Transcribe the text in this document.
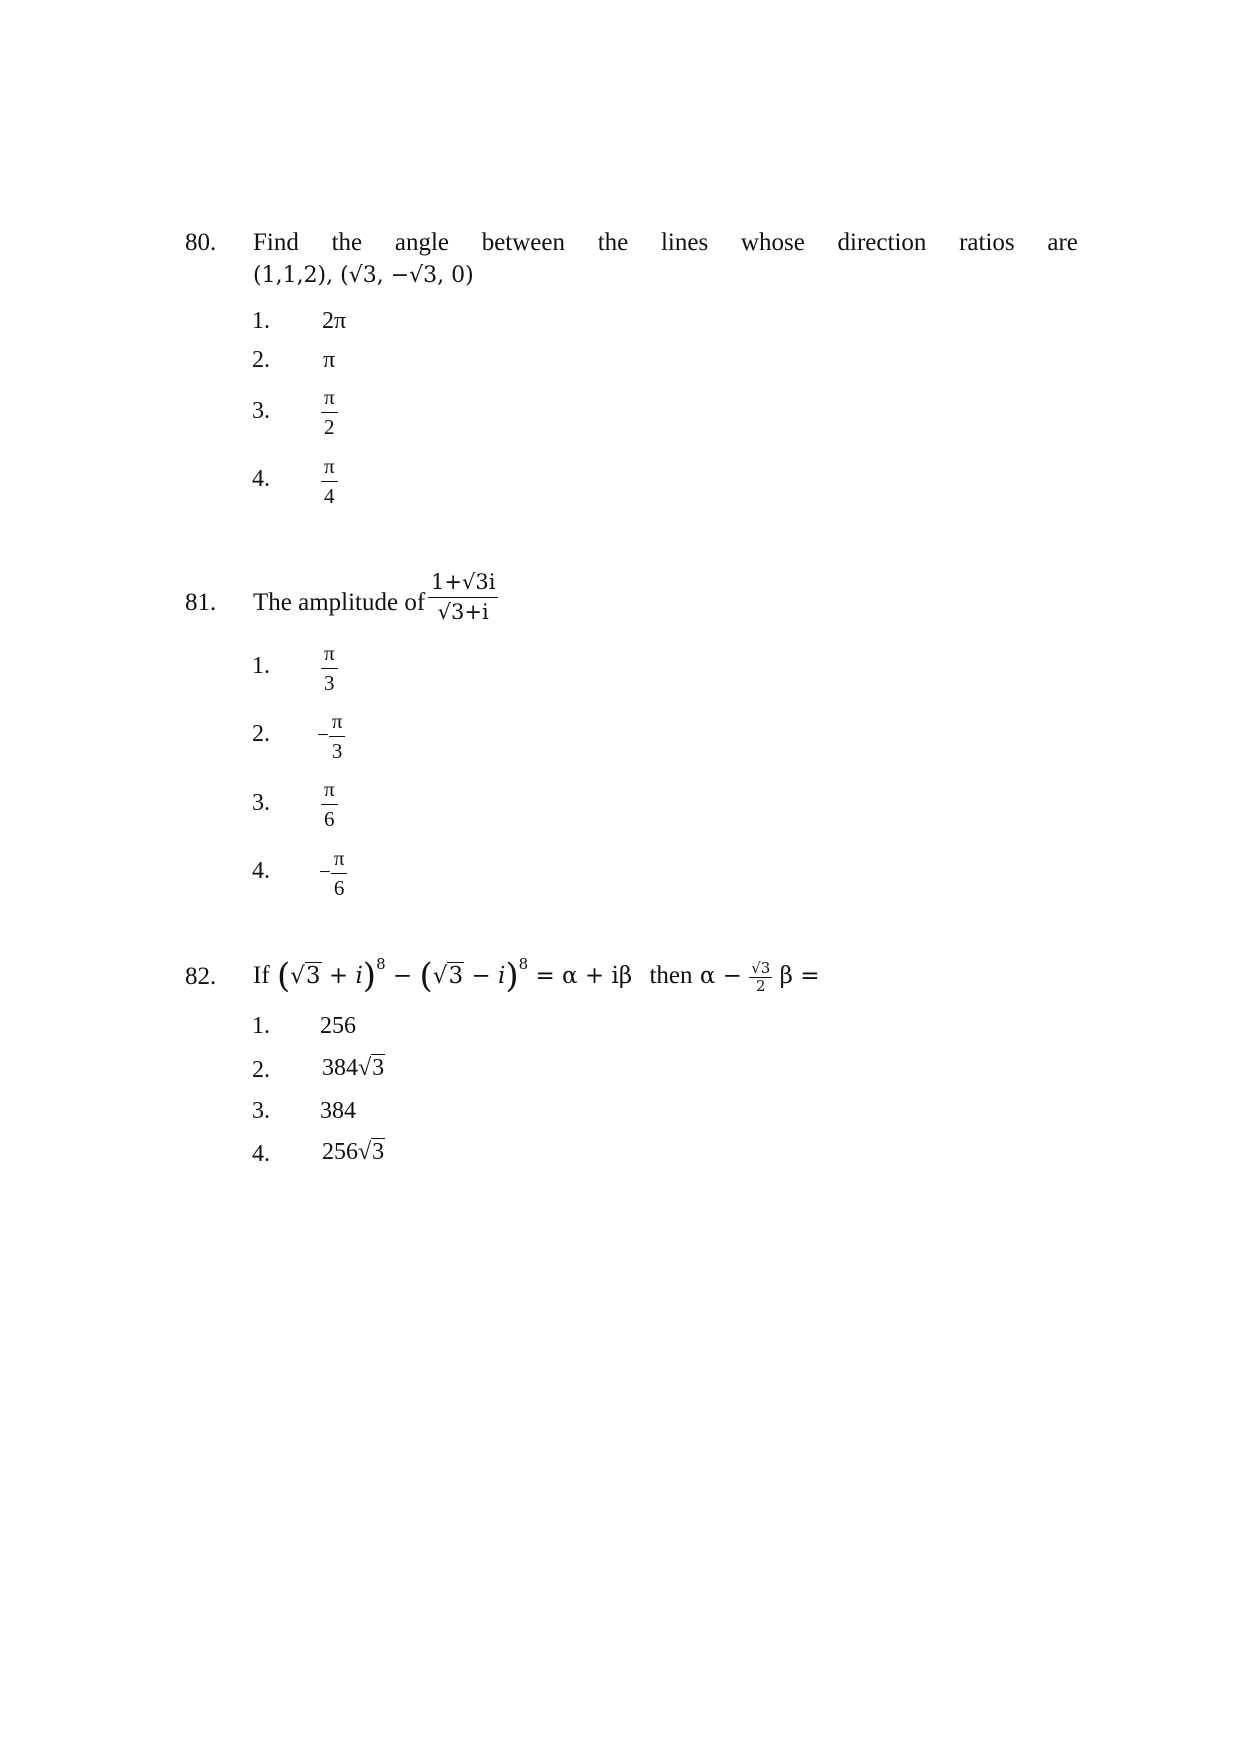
80. Find the angle between the lines whose direction ratios are
(1,1,2), (√3, −√3, 0)
1. 2π
2. π
3. $\frac{\pi}{2}$
4. $\frac{\pi}{4}$
81. The amplitude of $\frac{1+√3i}{√3+i}$
1. $\frac{\pi}{3}$
2. − $\frac{\pi}{3}$
3. $\frac{\pi}{6}$
4. − $\frac{\pi}{6}$
82. If $(√3 + i)^8 - (√3 - i)^8 = \alpha + i\beta$ then $\alpha - \frac{√3}{2}$ β =
1. 256
2. 384√3
3. 384
4. 256√3
